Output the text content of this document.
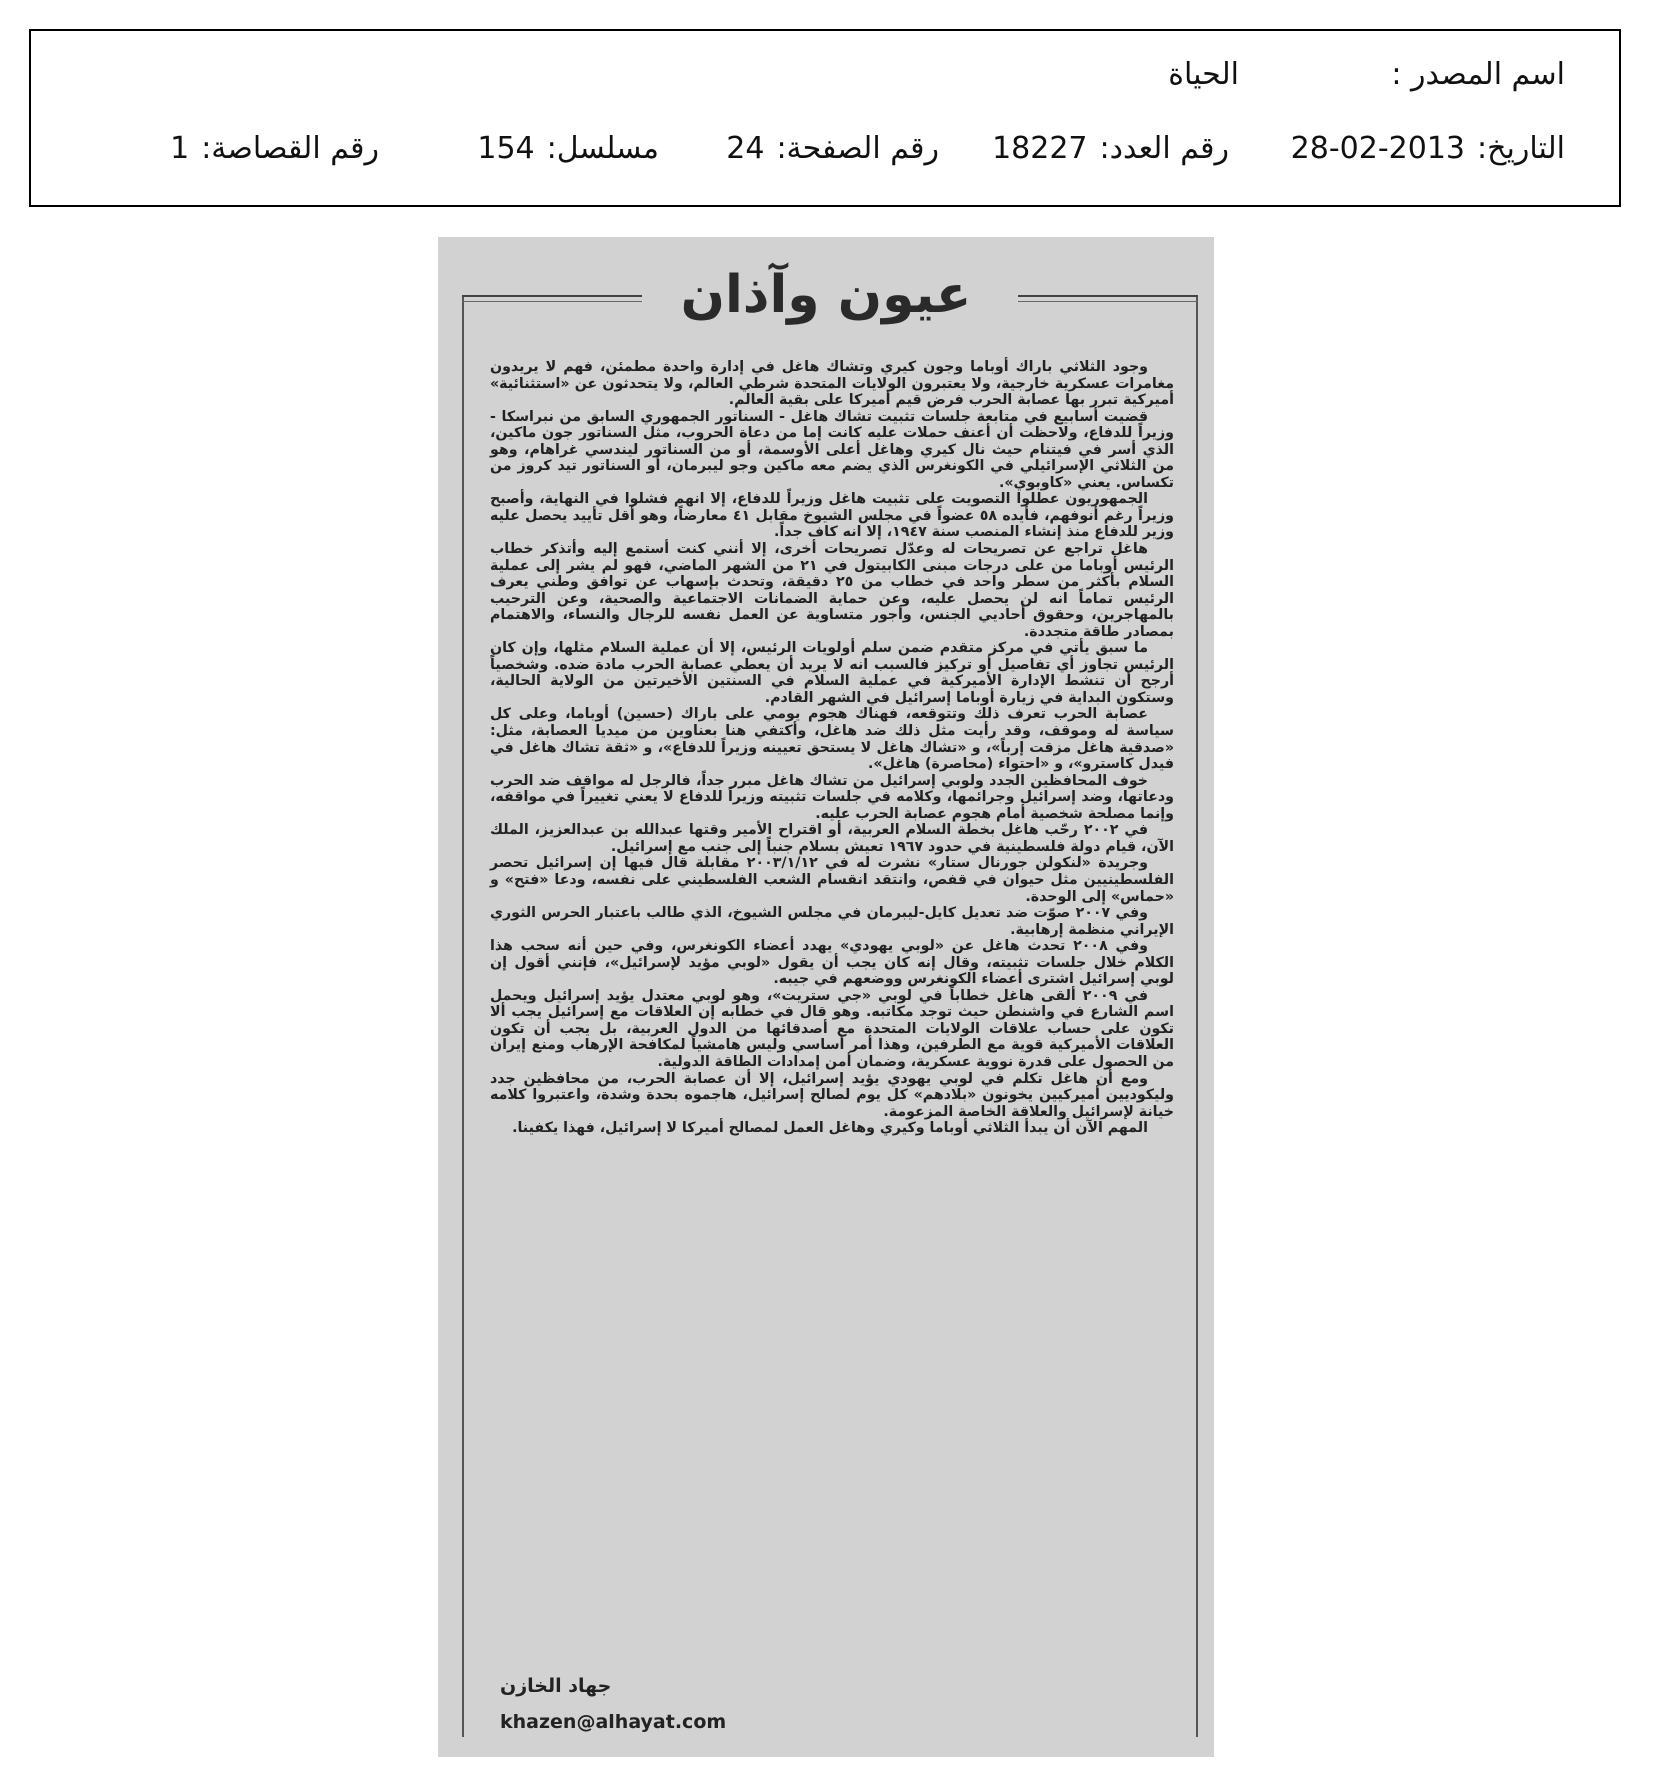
اسم المصدر :
الحياة
التاريخ:2013-02-28
رقم العدد:18227
رقم الصفحة:24
مسلسل:154
رقم القصاصة:1
عيون وآذان

وجود الثلاثي باراك أوباما وجون كيري وتشاك هاغل في إدارة واحدة مطمئن، فهم لا يريدون مغامرات عسكرية خارجية، ولا يعتبرون الولايات المتحدة شرطي العالم، ولا يتحدثون عن «استثنائية» أميركية تبرر بها عصابة الحرب فرض قيم أميركا على بقية العالم.

قضيت أسابيع في متابعة جلسات تثبيت تشاك هاغل - السناتور الجمهوري السابق من نبراسكا - وزيراً للدفاع، ولاحظت أن أعنف حملات عليه كانت إما من دعاة الحروب، مثل السناتور جون ماكين، الذي أسر في فيتنام حيث نال كيري وهاغل أعلى الأوسمة، أو من السناتور ليندسي غراهام، وهو من الثلاثي الإسرائيلي في الكونغرس الذي يضم معه ماكين وجو ليبرمان، أو السناتور تيد كروز من تكساس. يعني «كاوبوي».

الجمهوريون عطلوا التصويت على تثبيت هاغل وزيراً للدفاع، إلا انهم فشلوا في النهاية، وأصبح وزيراً رغم أنوفهم، فأيده ٥٨ عضواً في مجلس الشيوخ مقابل ٤١ معارضاً، وهو أقل تأييد يحصل عليه وزير للدفاع منذ إنشاء المنصب سنة ١٩٤٧، إلا انه كاف جداً.

هاغل تراجع عن تصريحات له وعدّل تصريحات أخرى، إلا أنني كنت أستمع إليه وأتذكر خطاب الرئيس أوباما من على درجات مبنى الكابيتول في ٢١ من الشهر الماضي، فهو لم يشر إلى عملية السلام بأكثر من سطر واحد في خطاب من ٢٥ دقيقة، وتحدث بإسهاب عن توافق وطني يعرف الرئيس تماماً انه لن يحصل عليه، وعن حماية الضمانات الاجتماعية والصحية، وعن الترحيب بالمهاجرين، وحقوق أحاديي الجنس، وأجور متساوية عن العمل نفسه للرجال والنساء، والاهتمام بمصادر طاقة متجددة.

ما سبق يأتي في مركز متقدم ضمن سلم أولويات الرئيس، إلا أن عملية السلام مثلها، وإن كان الرئيس تجاوز أي تفاصيل أو تركيز فالسبب انه لا يريد أن يعطي عصابة الحرب مادة ضده. وشخصياً أرجح أن تنشط الإدارة الأميركية في عملية السلام في السنتين الأخيرتين من الولاية الحالية، وستكون البداية في زيارة أوباما إسرائيل في الشهر القادم.

عصابة الحرب تعرف ذلك وتتوقعه، فهناك هجوم يومي على باراك (حسين) أوباما، وعلى كل سياسة له وموقف، وقد رأيت مثل ذلك ضد هاغل، وأكتفي هنا بعناوين من ميديا العصابة، مثل: «صدقية هاغل مزقت إرباً»، و «تشاك هاغل لا يستحق تعيينه وزيراً للدفاع»، و «ثقة تشاك هاغل في فيدل كاسترو»، و «احتواء (محاصرة) هاغل».

خوف المحافظين الجدد ولوبي إسرائيل من تشاك هاغل مبرر جداً، فالرجل له مواقف ضد الحرب ودعاتها، وضد إسرائيل وجرائمها، وكلامه في جلسات تثبيته وزيراً للدفاع لا يعني تغييراً في مواقفه، وإنما مصلحة شخصية أمام هجوم عصابة الحرب عليه.

في ٢٠٠٢ رحّب هاغل بخطة السلام العربية، أو اقتراح الأمير وقتها عبدالله بن عبدالعزيز، الملك الآن، قيام دولة فلسطينية في حدود ١٩٦٧ تعيش بسلام جنباً إلى جنب مع إسرائيل.

وجريدة «لنكولن جورنال ستار» نشرت له في ٢٠٠٣/١/١٢ مقابلة قال فيها إن إسرائيل تحصر الفلسطينيين مثل حيوان في قفص، وانتقد انقسام الشعب الفلسطيني على نفسه، ودعا «فتح» و «حماس» إلى الوحدة.

وفي ٢٠٠٧ صوّت ضد تعديل كايل-ليبرمان في مجلس الشيوخ، الذي طالب باعتبار الحرس الثوري الإيراني منظمة إرهابية.

وفي ٢٠٠٨ تحدث هاغل عن «لوبي يهودي» يهدد أعضاء الكونغرس، وفي حين أنه سحب هذا الكلام خلال جلسات تثبيته، وقال إنه كان يجب أن يقول «لوبي مؤيد لإسرائيل»، فإنني أقول إن لوبي إسرائيل اشترى أعضاء الكونغرس ووضعهم في جيبه.

في ٢٠٠٩ ألقى هاغل خطاباً في لوبي «جي ستريت»، وهو لوبي معتدل يؤيد إسرائيل ويحمل اسم الشارع في واشنطن حيث توجد مكاتبه. وهو قال في خطابه إن العلاقات مع إسرائيل يجب ألا تكون على حساب علاقات الولايات المتحدة مع أصدقائها من الدول العربية، بل يجب أن تكون العلاقات الأميركية قوية مع الطرفين، وهذا أمر أساسي وليس هامشياً لمكافحة الإرهاب ومنع إيران من الحصول على قدرة نووية عسكرية، وضمان أمن إمدادات الطاقة الدولية.

ومع أن هاغل تكلم في لوبي يهودي يؤيد إسرائيل، إلا أن عصابة الحرب، من محافظين جدد وليكوديين أميركيين يخونون «بلادهم» كل يوم لصالح إسرائيل، هاجموه بحدة وشدة، واعتبروا كلامه خيانة لإسرائيل والعلاقة الخاصة المزعومة.

المهم الآن أن يبدأ الثلاثي أوباما وكيري وهاغل العمل لمصالح أميركا لا إسرائيل، فهذا يكفينا.

جهاد الخازن
khazen@alhayat.com
